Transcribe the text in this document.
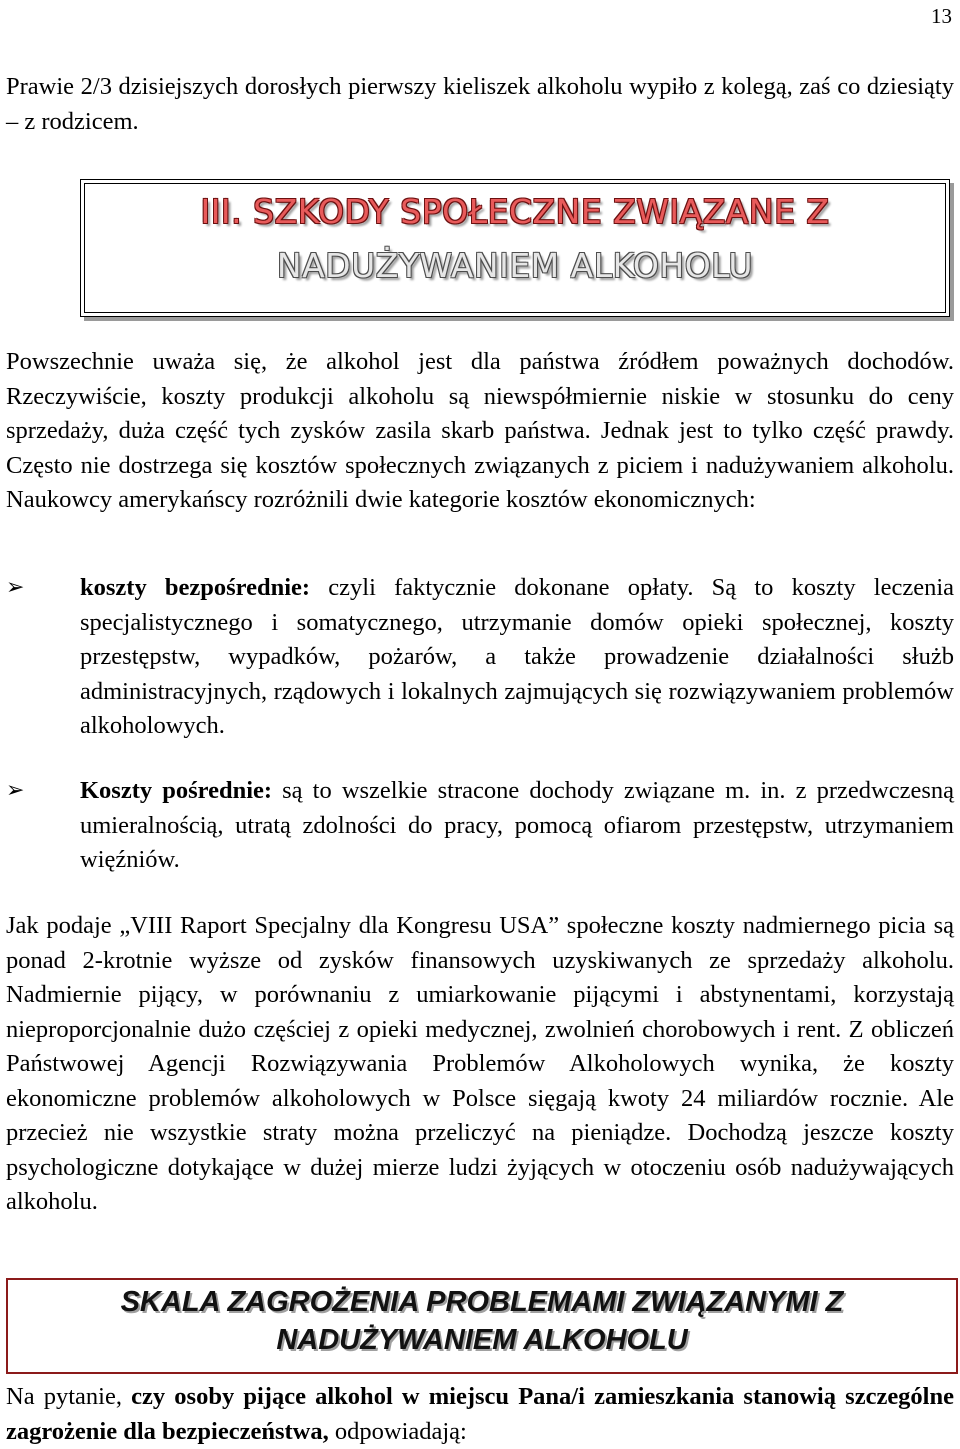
13

Prawie 2/3 dzisiejszych dorosłych pierwszy kieliszek alkoholu wypiło z kolegą, zaś co dziesiąty – z rodzicem.

III. SZKODY SPOŁECZNE ZWIĄZANE Z
NADUŻYWANIEM ALKOHOLU

Powszechnie uważa się, że alkohol jest dla państwa źródłem poważnych dochodów. Rzeczywiście, koszty produkcji alkoholu są niewspółmiernie niskie w stosunku do ceny sprzedaży, duża część tych zysków zasila skarb państwa. Jednak jest to tylko część prawdy. Często nie dostrzega się kosztów społecznych związanych z piciem i nadużywaniem alkoholu. Naukowcy amerykańscy rozróżnili dwie kategorie kosztów ekonomicznych:

➢ koszty bezpośrednie: czyli faktycznie dokonane opłaty. Są to koszty leczenia specjalistycznego i somatycznego, utrzymanie domów opieki społecznej, koszty przestępstw, wypadków, pożarów, a także prowadzenie działalności służb administracyjnych, rządowych i lokalnych zajmujących się rozwiązywaniem problemów alkoholowych.

➢ Koszty pośrednie: są to wszelkie stracone dochody związane m. in. z przedwczesną umieralnością, utratą zdolności do pracy, pomocą ofiarom przestępstw, utrzymaniem więźniów.

Jak podaje „VIII Raport Specjalny dla Kongresu USA” społeczne koszty nadmiernego picia są ponad 2-krotnie wyższe od zysków finansowych uzyskiwanych ze sprzedaży alkoholu. Nadmiernie pijący, w porównaniu z umiarkowanie pijącymi i abstynentami, korzystają nieproporcjonalnie dużo częściej z opieki medycznej, zwolnień chorobowych i rent. Z obliczeń Państwowej Agencji Rozwiązywania Problemów Alkoholowych wynika, że koszty ekonomiczne problemów alkoholowych w Polsce sięgają kwoty 24 miliardów rocznie. Ale przecież nie wszystkie straty można przeliczyć na pieniądze. Dochodzą jeszcze koszty psychologiczne dotykające w dużej mierze ludzi żyjących w otoczeniu osób nadużywających alkoholu.

SKALA ZAGROŻENIA PROBLEMAMI ZWIĄZANYMI Z
NADUŻYWANIEM ALKOHOLU

Na pytanie, czy osoby pijące alkohol w miejscu Pana/i zamieszkania stanowią szczególne zagrożenie dla bezpieczeństwa, odpowiadają:
